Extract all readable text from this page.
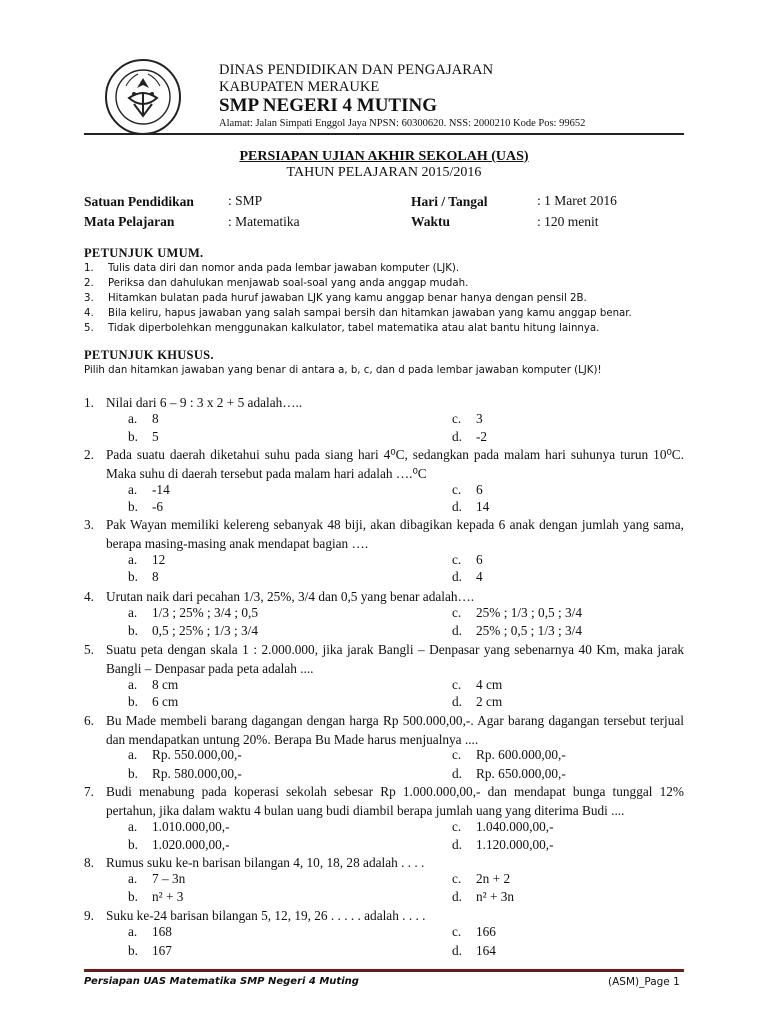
DINAS PENDIDIKAN DAN PENGAJARAN
KABUPATEN MERAUKE
SMP NEGERI 4 MUTING
Alamat: Jalan Simpati Enggol Jaya NPSN: 60300620. NSS: 2000210 Kode Pos: 99652
PERSIAPAN UJIAN AKHIR SEKOLAH (UAS)
TAHUN PELAJARAN 2015/2016
Satuan Pendidikan	: SMP	Hari / Tangal	: 1 Maret 2016
Mata Pelajaran	: Matematika	Waktu	: 120 menit
PETUNJUK UMUM.
1. Tulis data diri dan nomor anda pada lembar jawaban komputer (LJK).
2. Periksa dan dahulukan menjawab soal-soal yang anda anggap mudah.
3. Hitamkan bulatan pada huruf jawaban LJK yang kamu anggap benar hanya dengan pensil 2B.
4. Bila keliru, hapus jawaban yang salah sampai bersih dan hitamkan jawaban yang kamu anggap benar.
5. Tidak diperbolehkan menggunakan kalkulator, tabel matematika atau alat bantu hitung lainnya.
PETUNJUK KHUSUS.
Pilih dan hitamkan jawaban yang benar di antara a, b, c, dan d pada lembar jawaban komputer (LJK)!
1. Nilai dari 6 – 9 : 3 x 2 + 5 adalah…..
a. 8	c. 3
b. 5	d. -2
2. Pada suatu daerah diketahui suhu pada siang hari 4⁰C, sedangkan pada malam hari suhunya turun 10⁰C. Maka suhu di daerah tersebut pada malam hari adalah ….⁰C
a. -14	c. 6
b. -6	d. 14
3. Pak Wayan memiliki kelereng sebanyak 48 biji, akan dibagikan kepada 6 anak dengan jumlah yang sama, berapa masing-masing anak mendapat bagian ….
a. 12	c. 6
b. 8	d. 4
4. Urutan naik dari pecahan 1/3, 25%, 3/4 dan 0,5 yang benar adalah….
a. 1/3 ; 25% ; 3/4 ; 0,5	c. 25% ; 1/3 ; 0,5 ; 3/4
b. 0,5 ; 25% ; 1/3 ; 3/4	d. 25% ; 0,5 ; 1/3 ; 3/4
5. Suatu peta dengan skala 1 : 2.000.000, jika jarak Bangli – Denpasar yang sebenarnya 40 Km, maka jarak Bangli – Denpasar pada peta adalah ....
a. 8 cm	c. 4 cm
b. 6 cm	d. 2 cm
6. Bu Made membeli barang dagangan dengan harga Rp 500.000,00,-. Agar barang dagangan tersebut terjual dan mendapatkan untung 20%. Berapa Bu Made harus menjualnya ....
a. Rp. 550.000,00,-	c. Rp. 600.000,00,-
b. Rp. 580.000,00,-	d. Rp. 650.000,00,-
7. Budi menabung pada koperasi sekolah sebesar Rp 1.000.000,00,- dan mendapat bunga tunggal 12% pertahun, jika dalam waktu 4 bulan uang budi diambil berapa jumlah uang yang diterima Budi ....
a. 1.010.000,00,-	c. 1.040.000,00,-
b. 1.020.000,00,-	d. 1.120.000,00,-
8. Rumus suku ke-n barisan bilangan 4, 10, 18, 28 adalah . . . .
a. 7 – 3n	c. 2n + 2
b. n² + 3	d. n² + 3n
9. Suku ke-24 barisan bilangan 5, 12, 19, 26 . . . . . adalah . . . .
a. 168	c. 166
b. 167	d. 164
Persiapan UAS Matematika SMP Negeri 4 Muting	(ASM)_Page 1
